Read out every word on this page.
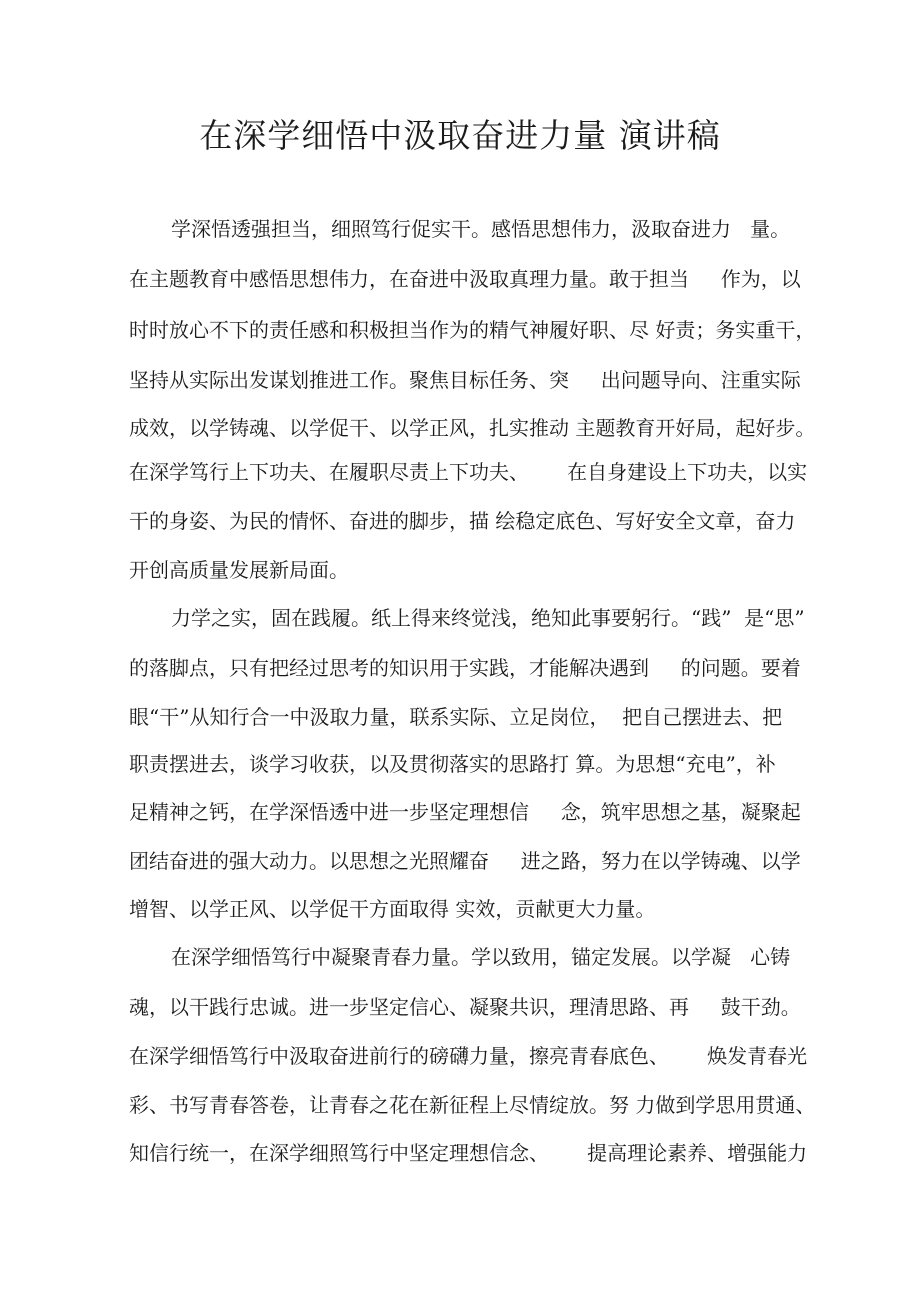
在深学细悟中汲取奋进力量 演讲稿
学深悟透强担当，细照笃行促实干。感悟思想伟力，汲取奋进力   量。
在主题教育中感悟思想伟力，在奋进中汲取真理力量。敢于担当     作为，以
时时放心不下的责任感和积极担当作为的精气神履好职、尽 好责；务实重干，
坚持从实际出发谋划推进工作。聚焦目标任务、突     出问题导向、注重实际
成效，以学铸魂、以学促干、以学正风，扎实推动 主题教育开好局，起好步。
在深学笃行上下功夫、在履职尽责上下功夫、      在自身建设上下功夫，以实
干的身姿、为民的情怀、奋进的脚步，描 绘稳定底色、写好安全文章，奋力
开创高质量发展新局面。
力学之实，固在践履。纸上得来终觉浅，绝知此事要躬行。“践”  是“思”
的落脚点，只有把经过思考的知识用于实践，才能解决遇到     的问题。要着
眼“干”从知行合一中汲取力量，联系实际、立足岗位，  把自己摆进去、把
职责摆进去，谈学习收获，以及贯彻落实的思路打 算。为思想“充电”，补
足精神之钙，在学深悟透中进一步坚定理想信     念，筑牢思想之基，凝聚起
团结奋进的强大动力。以思想之光照耀奋     进之路，努力在以学铸魂、以学
增智、以学正风、以学促干方面取得 实效，贡献更大力量。
在深学细悟笃行中凝聚青春力量。学以致用，锚定发展。以学凝   心铸
魂，以干践行忠诚。进一步坚定信心、凝聚共识，理清思路、再     鼓干劲。
在深学细悟笃行中汲取奋进前行的磅礴力量，擦亮青春底色、      焕发青春光
彩、书写青春答卷，让青春之花在新征程上尽情绽放。努 力做到学思用贯通、
知信行统一，在深学细照笃行中坚定理想信念、      提高理论素养、增强能力
